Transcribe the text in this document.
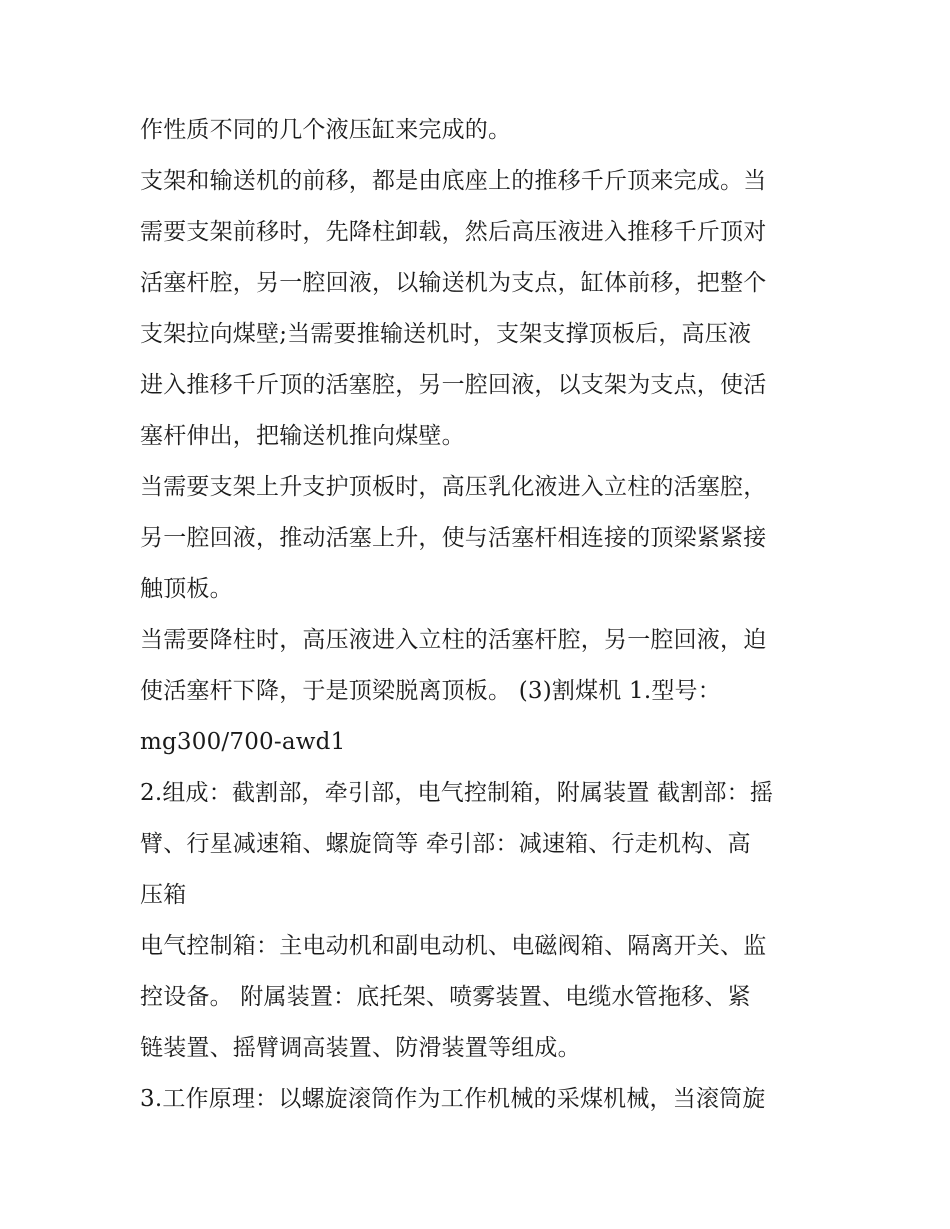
作性质不同的几个液压缸来完成的。
支架和输送机的前移，都是由底座上的推移千斤顶来完成。当
需要支架前移时，先降柱卸载，然后高压液进入推移千斤顶对
活塞杆腔，另一腔回液，以输送机为支点，缸体前移，把整个
支架拉向煤壁;当需要推输送机时，支架支撑顶板后，高压液
进入推移千斤顶的活塞腔，另一腔回液，以支架为支点，使活
塞杆伸出，把输送机推向煤壁。
当需要支架上升支护顶板时，高压乳化液进入立柱的活塞腔，
另一腔回液，推动活塞上升，使与活塞杆相连接的顶梁紧紧接
触顶板。
当需要降柱时，高压液进入立柱的活塞杆腔，另一腔回液，迫
使活塞杆下降，于是顶梁脱离顶板。 (3)割煤机 1.型号：
mg300/700-awd1
2.组成：截割部，牵引部，电气控制箱，附属装置 截割部：摇
臂、行星减速箱、螺旋筒等 牵引部：减速箱、行走机构、高
压箱
电气控制箱：主电动机和副电动机、电磁阀箱、隔离开关、监
控设备。 附属装置：底托架、喷雾装置、电缆水管拖移、紧
链装置、摇臂调高装置、防滑装置等组成。
3.工作原理：以螺旋滚筒作为工作机械的采煤机械，当滚筒旋
